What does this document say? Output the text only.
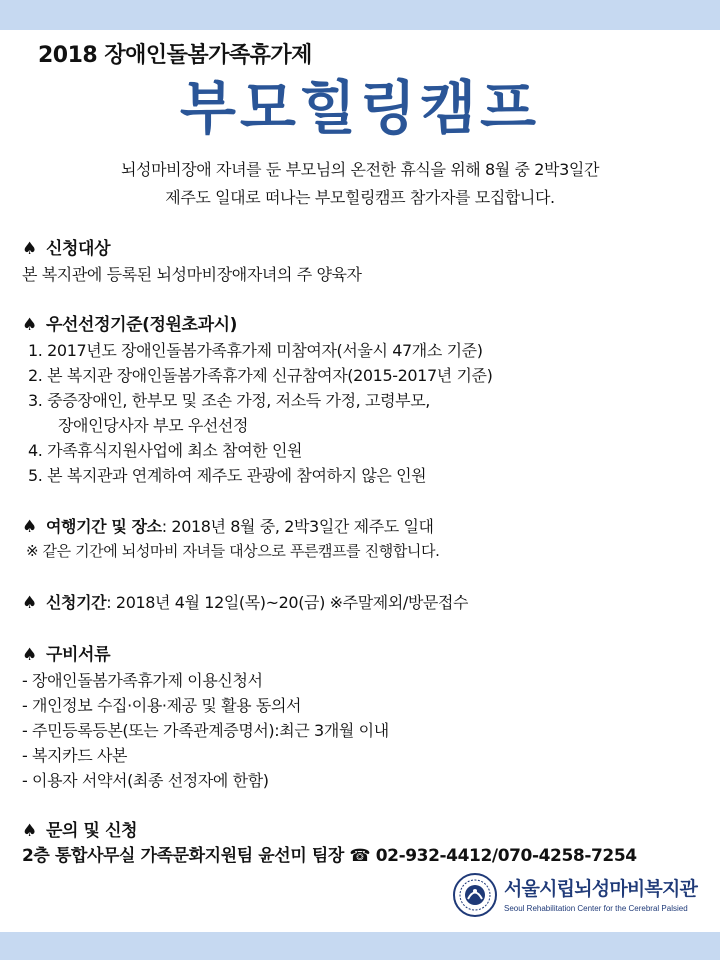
2018 장애인돌봄가족휴가제
부모힐링캠프
뇌성마비장애 자녀를 둔 부모님의 온전한 휴식을 위해 8월 중 2박3일간
제주도 일대로 떠나는 부모힐링캠프 참가자를 모집합니다.
♠ 신청대상
본 복지관에 등록된 뇌성마비장애자녀의 주 양육자
♠ 우선선정기준(정원초과시)
1. 2017년도 장애인돌봄가족휴가제 미참여자(서울시 47개소 기준)
2. 본 복지관 장애인돌봄가족휴가제 신규참여자(2015-2017년 기준)
3. 중증장애인, 한부모 및 조손 가정, 저소득 가정, 고령부모,
장애인당사자 부모 우선선정
4. 가족휴식지원사업에 최소 참여한 인원
5. 본 복지관과 연계하여 제주도 관광에 참여하지 않은 인원
♠ 여행기간 및 장소: 2018년 8월 중, 2박3일간 제주도 일대
※ 같은 기간에 뇌성마비 자녀들 대상으로 푸른캠프를 진행합니다.
♠ 신청기간: 2018년 4월 12일(목)~20(금) ※주말제외/방문접수
♠ 구비서류
- 장애인돌봄가족휴가제 이용신청서
- 개인정보 수집·이용·제공 및 활용 동의서
- 주민등록등본(또는 가족관계증명서):최근 3개월 이내
- 복지카드 사본
- 이용자 서약서(최종 선정자에 한함)
♠ 문의 및 신청
2층 통합사무실 가족문화지원팀 윤선미 팀장 ☎ 02-932-4412/070-4258-7254
서울시립뇌성마비복지관
Seoul Rehabilitation Center for the Cerebral Palsied
